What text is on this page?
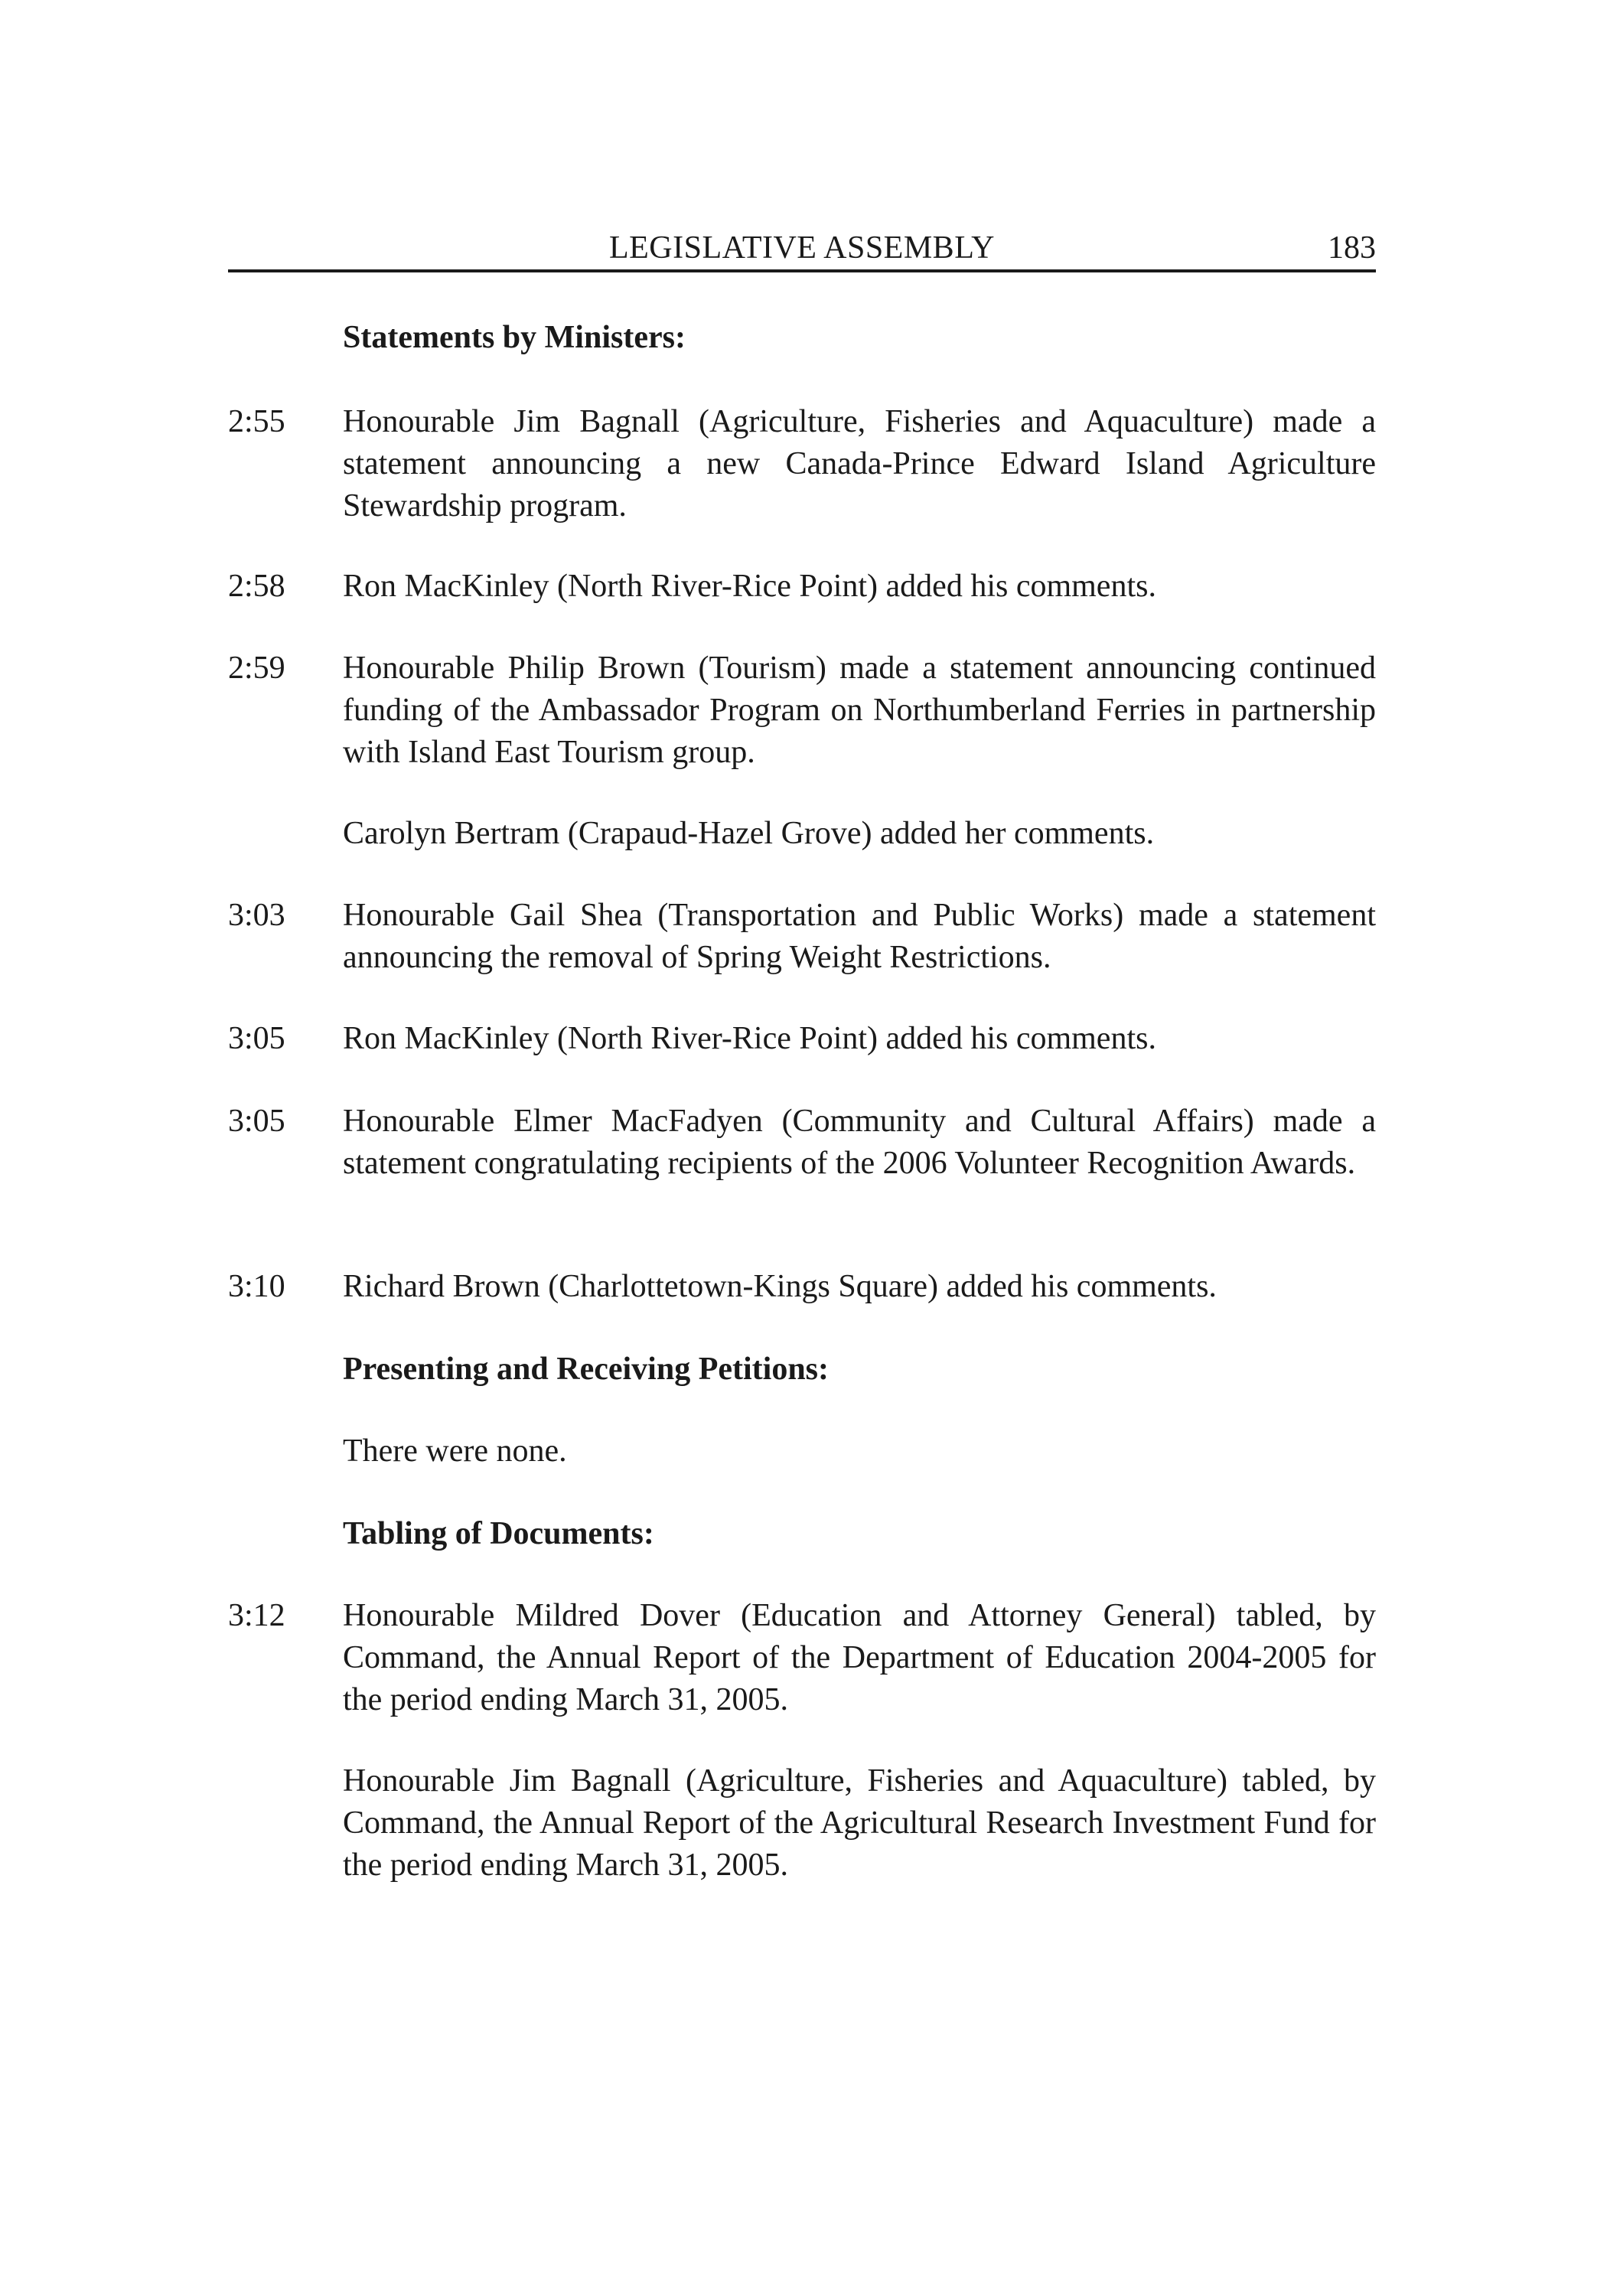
LEGISLATIVE ASSEMBLY	183
Statements by Ministers:
2:55	Honourable Jim Bagnall (Agriculture, Fisheries and Aquaculture) made a statement announcing a new Canada-Prince Edward Island Agriculture Stewardship program.
2:58	Ron MacKinley (North River-Rice Point) added his comments.
2:59	Honourable Philip Brown (Tourism) made a statement announcing continued funding of the Ambassador Program on Northumberland Ferries in partnership with Island East Tourism group.
Carolyn Bertram (Crapaud-Hazel Grove) added her comments.
3:03	Honourable Gail Shea (Transportation and Public Works) made a statement announcing the removal of Spring Weight Restrictions.
3:05	Ron MacKinley (North River-Rice Point) added his comments.
3:05	Honourable Elmer MacFadyen (Community and Cultural Affairs) made a statement congratulating recipients of the 2006 Volunteer Recognition Awards.
3:10	Richard Brown (Charlottetown-Kings Square) added his comments.
Presenting and Receiving Petitions:
There were none.
Tabling of Documents:
3:12	Honourable Mildred Dover (Education and Attorney General) tabled, by Command, the Annual Report of the Department of Education 2004-2005 for the period ending March 31, 2005.
Honourable Jim Bagnall (Agriculture, Fisheries and Aquaculture) tabled, by Command, the Annual Report of the Agricultural Research Investment Fund for the period ending March 31, 2005.
